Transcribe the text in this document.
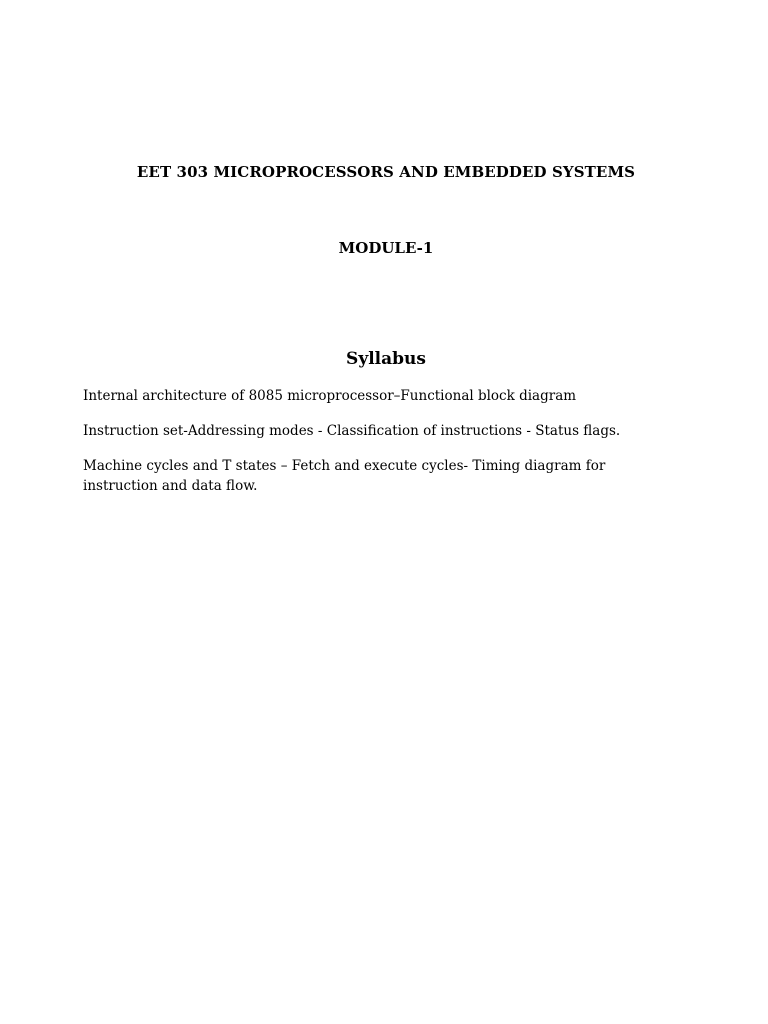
EET 303 MICROPROCESSORS AND EMBEDDED SYSTEMS
MODULE-1
Syllabus
Internal architecture of 8085 microprocessor–Functional block diagram
Instruction set-Addressing modes - Classification of instructions - Status flags.
Machine cycles and T states – Fetch and execute cycles- Timing diagram for instruction and data flow.
